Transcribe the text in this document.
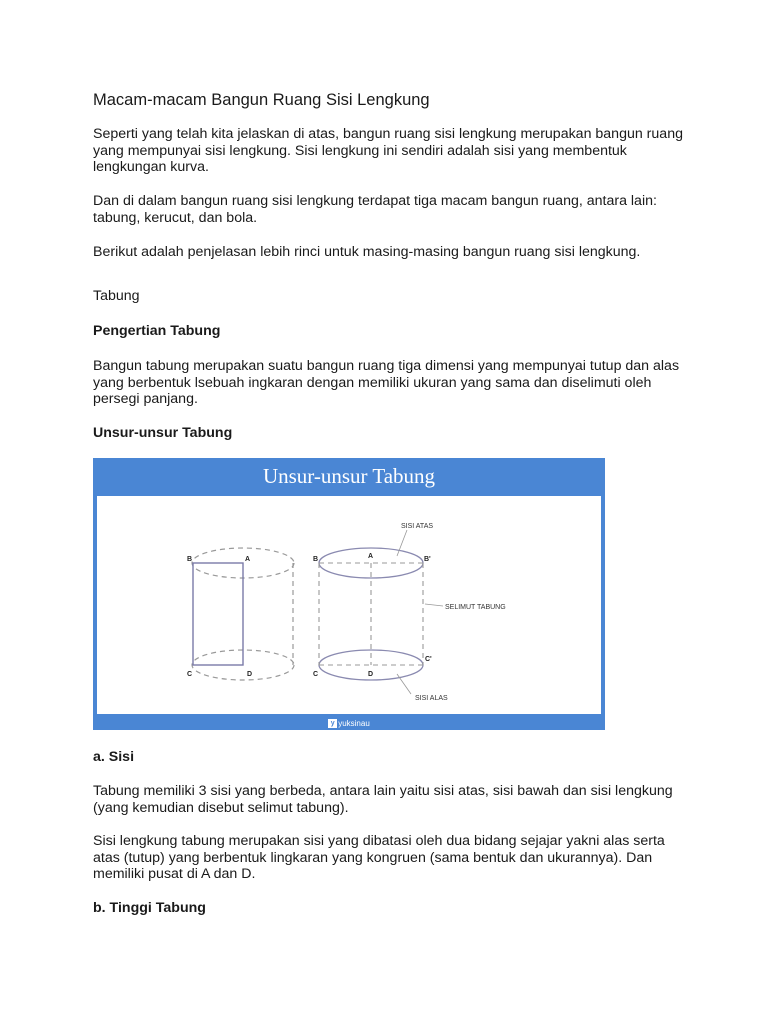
Macam-macam Bangun Ruang Sisi Lengkung

Seperti yang telah kita jelaskan di atas, bangun ruang sisi lengkung merupakan bangun ruang yang mempunyai sisi lengkung. Sisi lengkung ini sendiri adalah sisi yang membentuk lengkungan kurva.

Dan di dalam bangun ruang sisi lengkung terdapat tiga macam bangun ruang, antara lain: tabung, kerucut, dan bola.

Berikut adalah penjelasan lebih rinci untuk masing-masing bangun ruang sisi lengkung.

Tabung

Pengertian Tabung

Bangun tabung merupakan suatu bangun ruang tiga dimensi yang mempunyai tutup dan alas yang berbentuk lsebuah ingkaran dengan memiliki ukuran yang sama dan diselimuti oleh persegi panjang.

Unsur-unsur Tabung

Unsur-unsur Tabung
B	A
C	D
B	A	B'
C	D
C'
SISI ATAS
SELIMUT TABUNG
SISI ALAS
y yuksinau

a. Sisi

Tabung memiliki 3 sisi yang berbeda, antara lain yaitu sisi atas, sisi bawah dan sisi lengkung (yang kemudian disebut selimut tabung).

Sisi lengkung tabung merupakan sisi yang dibatasi oleh dua bidang sejajar yakni alas serta atas (tutup) yang berbentuk lingkaran yang kongruen (sama bentuk dan ukurannya). Dan memiliki pusat di A dan D.

b. Tinggi Tabung
